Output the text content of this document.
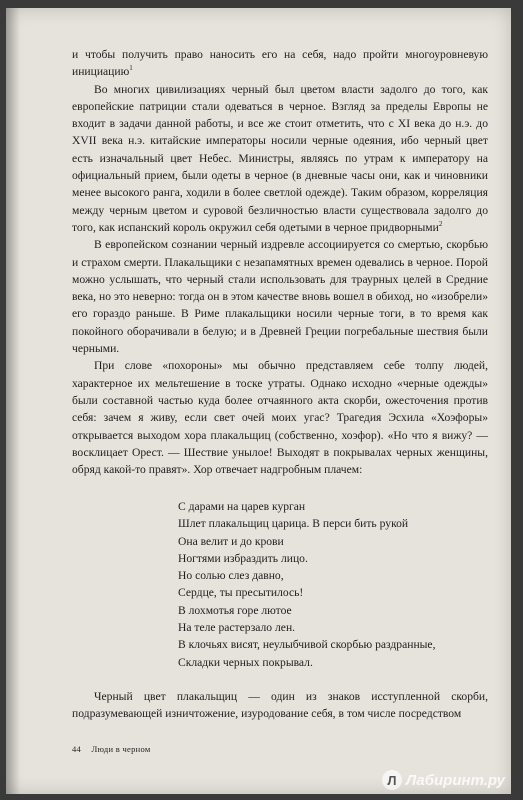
и чтобы получить право наносить его на себя, надо пройти многоуровневую инициацию$^1$

Во многих цивилизациях черный был цветом власти задолго до того, как европейские патриции стали одеваться в черное. Взгляд за пределы Европы не входит в задачи данной работы, и все же стоит отметить, что с XI века до н.э. до XVII века н.э. китайские императоры носили черные одеяния, ибо черный цвет есть изначальный цвет Небес. Министры, являясь по утрам к императору на официальный прием, были одеты в черное (в дневные часы они, как и чиновники менее высокого ранга, ходили в более светлой одежде). Таким образом, корреляция между черным цветом и суровой безличностью власти существовала задолго до того, как испанский король окружил себя одетыми в черное придворными$^2$

В европейском сознании черный издревле ассоциируется со смертью, скорбью и страхом смерти. Плакальщики с незапамятных времен одевались в черное. Порой можно услышать, что черный стали использовать для траурных целей в Средние века, но это неверно: тогда он в этом качестве вновь вошел в обиход, но «изобрели» его гораздо раньше. В Риме плакальщики носили черные тоги, в то время как покойного оборачивали в белую; и в Древней Греции погребальные шествия были черными.

При слове «похороны» мы обычно представляем себе толпу людей, характерное их мельтешение в тоске утраты. Однако исходно «черные одежды» были составной частью куда более отчаянного акта скорби, ожесточения против себя: зачем я живу, если свет очей моих угас? Трагедия Эсхила «Хоэфоры» открывается выходом хора плакальщиц (собственно, хоэфор). «Но что я вижу? — восклицает Орест. — Шествие унылое! Выходят в покрывалах черных женщины, обряд какой-то правят». Хор отвечает надгробным плачем:

С дарами на царев курган
Шлет плакальщиц царица. В перси бить рукой
Она велит и до крови
Ногтями избраздить лицо.
Но солью слез давно,
Сердце, ты пресытилось!
В лохмотья горе лютое
На теле растерзало лен.
В клочьях висят, неулыбчивой скорбью раздранные,
Складки черных покрывал.

Черный цвет плакальщиц — один из знаков исступленной скорби, подразумевающей изничтожение, изуродование себя, в том числе посредством

44 Люди в черном
Л Лабиринт.ру
